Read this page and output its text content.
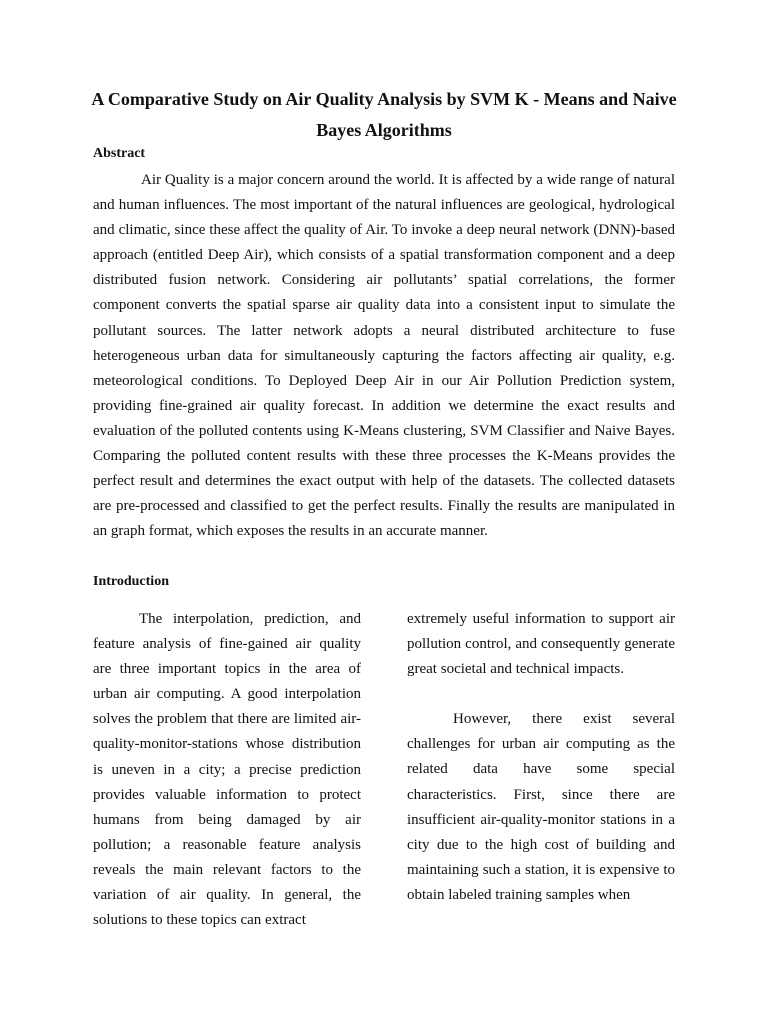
A Comparative Study on Air Quality Analysis by SVM K - Means and Naive Bayes Algorithms
Abstract

Air Quality is a major concern around the world. It is affected by a wide range of natural and human influences. The most important of the natural influences are geological, hydrological and climatic, since these affect the quality of Air. To invoke a deep neural network (DNN)-based approach (entitled Deep Air), which consists of a spatial transformation component and a deep distributed fusion network. Considering air pollutants’ spatial correlations, the former component converts the spatial sparse air quality data into a consistent input to simulate the pollutant sources. The latter network adopts a neural distributed architecture to fuse heterogeneous urban data for simultaneously capturing the factors affecting air quality, e.g. meteorological conditions. To Deployed Deep Air in our Air Pollution Prediction system, providing fine-grained air quality forecast. In addition we determine the exact results and evaluation of the polluted contents using K-Means clustering, SVM Classifier and Naive Bayes. Comparing the polluted content results with these three processes the K-Means provides the perfect result and determines the exact output with help of the datasets. The collected datasets are pre-processed and classified to get the perfect results. Finally the results are manipulated in an graph format, which exposes the results in an accurate manner.

Introduction

The interpolation, prediction, and feature analysis of fine-gained air quality are three important topics in the area of urban air computing. A good interpolation solves the problem that there are limited air-quality-monitor-stations whose distribution is uneven in a city; a precise prediction provides valuable information to protect humans from being damaged by air pollution; a reasonable feature analysis reveals the main relevant factors to the variation of air quality. In general, the solutions to these topics can extract

extremely useful information to support air pollution control, and consequently generate great societal and technical impacts.

However, there exist several challenges for urban air computing as the related data have some special characteristics. First, since there are insufficient air-quality-monitor stations in a city due to the high cost of building and maintaining such a station, it is expensive to obtain labeled training samples when
